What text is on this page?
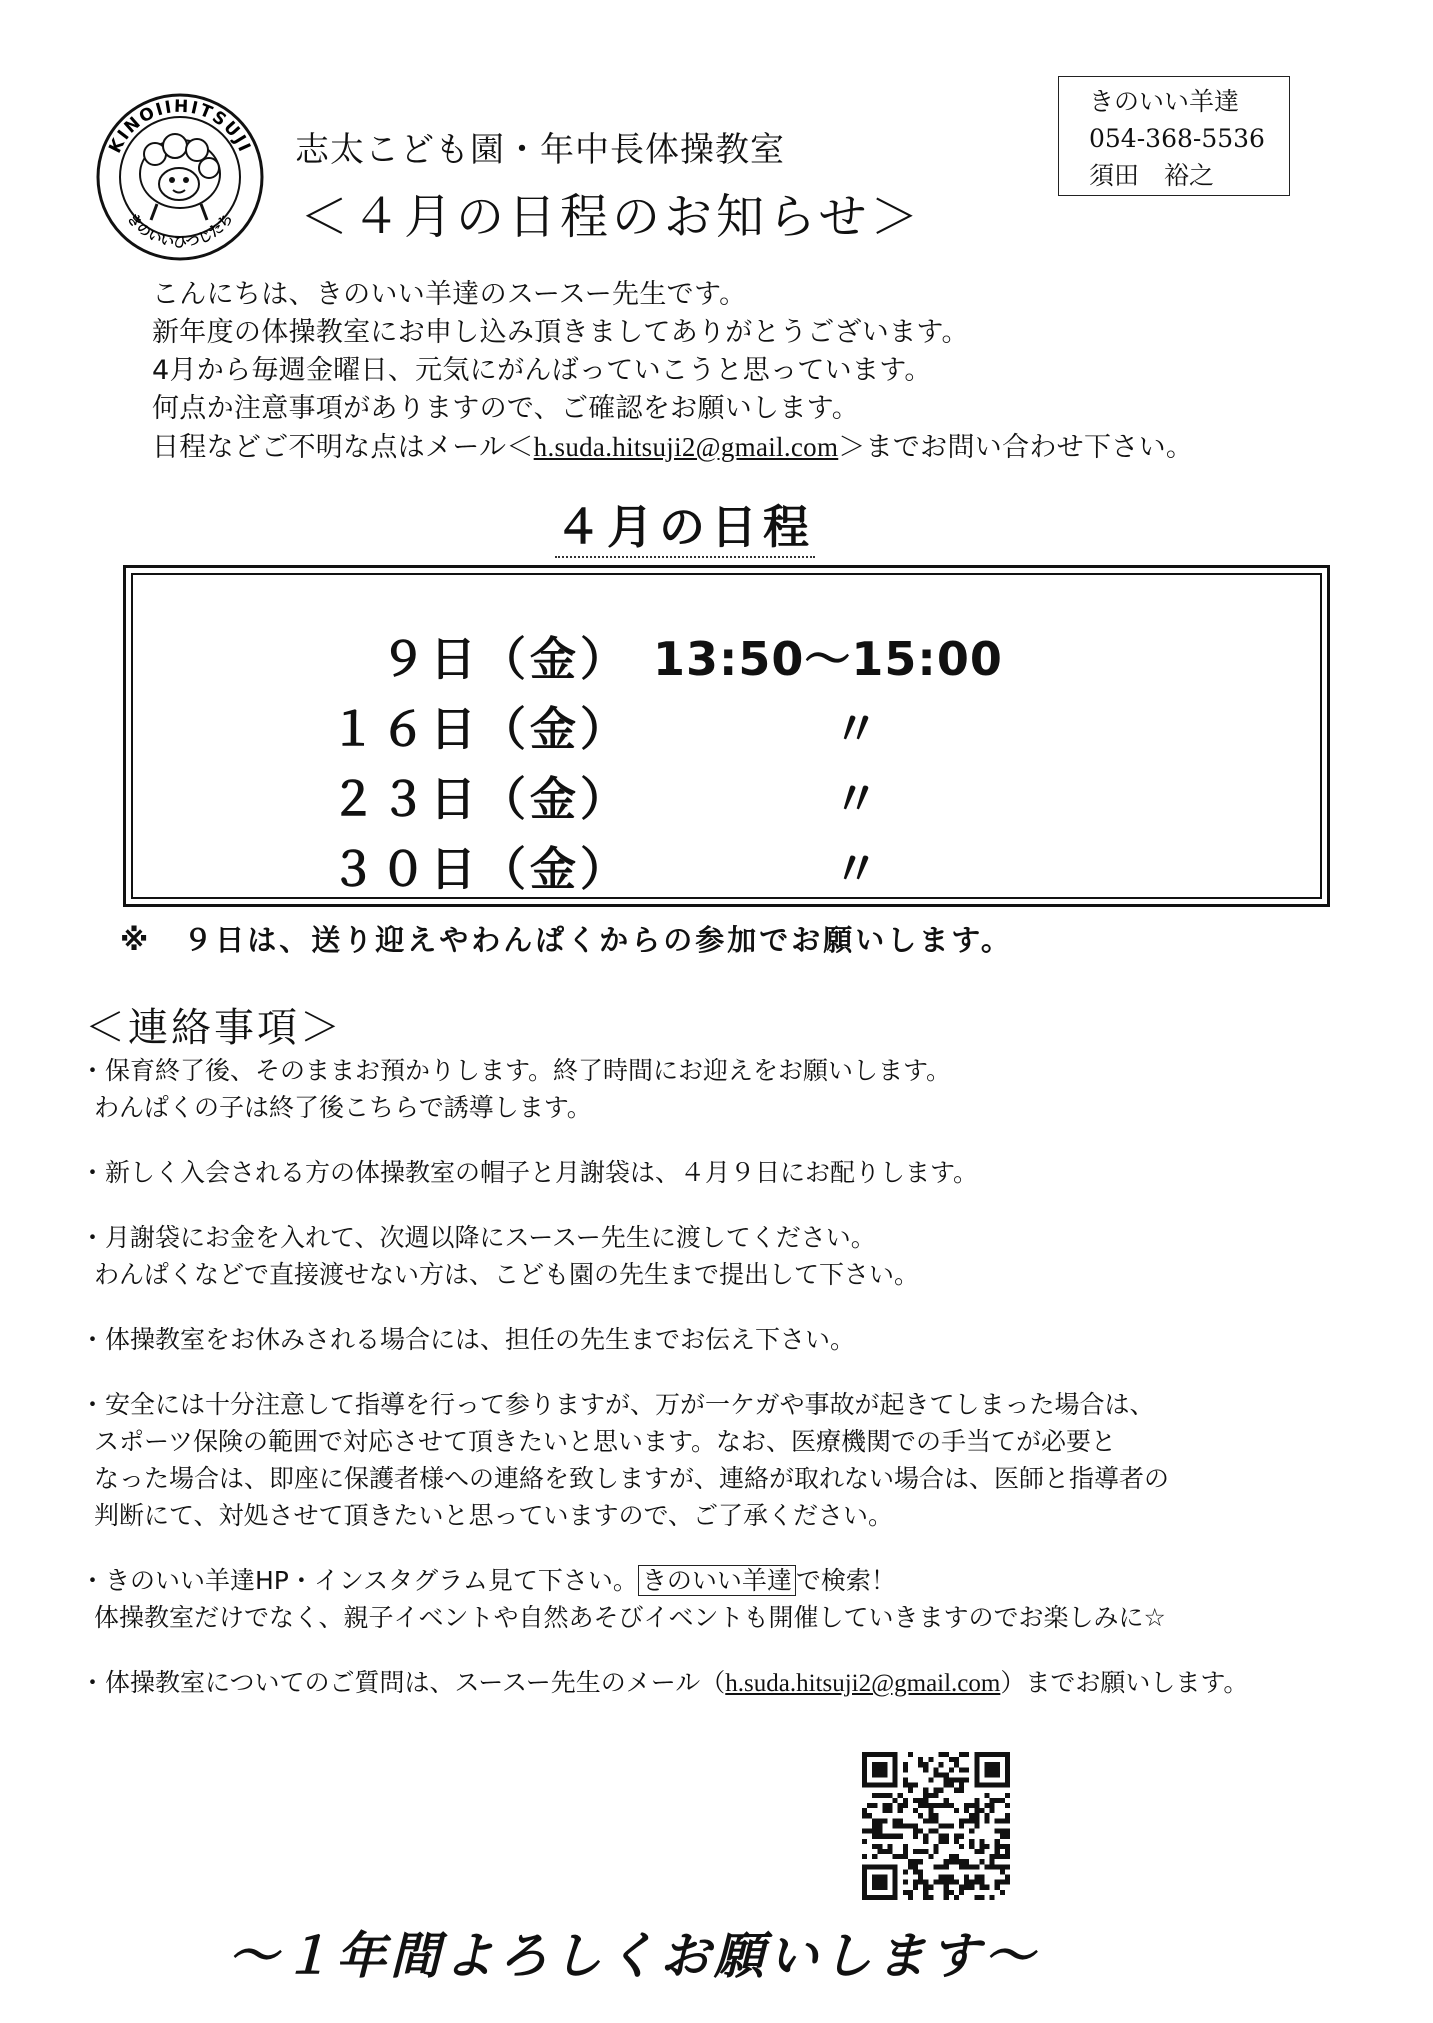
KINOIIHITSUJI
きのいいひつじたち
志太こども園・年中長体操教室
＜４月の日程のお知らせ＞
きのいい羊達
054-368-5536
須田　裕之
こんにちは、きのいい羊達のスースー先生です。
新年度の体操教室にお申し込み頂きましてありがとうございます。
4月から毎週金曜日、元気にがんばっていこうと思っています。
何点か注意事項がありますので、ご確認をお願いします。
日程などご不明な点はメール＜h.suda.hitsuji2@gmail.com＞までお問い合わせ下さい。
４月の日程
９日（金） 13:50〜15:00
１６日（金）	〃
２３日（金）	〃
３０日（金）	〃
※　９日は、送り迎えやわんぱくからの参加でお願いします。
＜連絡事項＞
・保育終了後、そのままお預かりします。終了時間にお迎えをお願いします。
わんぱくの子は終了後こちらで誘導します。
・新しく入会される方の体操教室の帽子と月謝袋は、４月９日にお配りします。
・月謝袋にお金を入れて、次週以降にスースー先生に渡してください。
わんぱくなどで直接渡せない方は、こども園の先生まで提出して下さい。
・体操教室をお休みされる場合には、担任の先生までお伝え下さい。
・安全には十分注意して指導を行って参りますが、万が一ケガや事故が起きてしまった場合は、
スポーツ保険の範囲で対応させて頂きたいと思います。なお、医療機関での手当てが必要と
なった場合は、即座に保護者様への連絡を致しますが、連絡が取れない場合は、医師と指導者の
判断にて、対処させて頂きたいと思っていますので、ご了承ください。
・きのいい羊達HP・インスタグラム見て下さい。 きのいい羊達 で検索！
体操教室だけでなく、親子イベントや自然あそびイベントも開催していきますのでお楽しみに☆
・体操教室についてのご質問は、スースー先生のメール（h.suda.hitsuji2@gmail.com）までお願いします。
〜１年間よろしくお願いします〜
